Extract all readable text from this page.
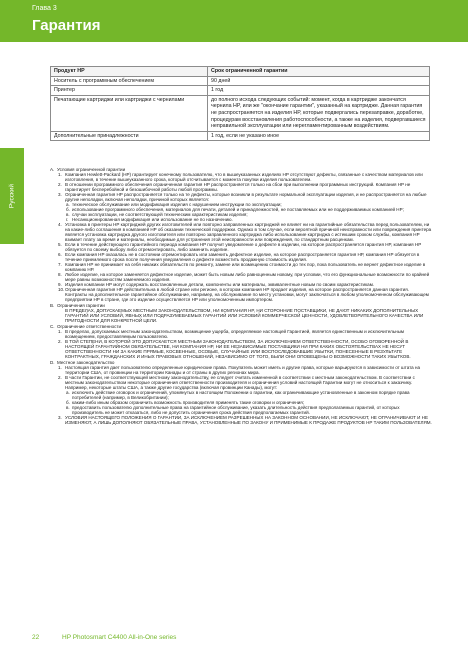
Глава 3
Гарантия
Русский
Продукт HP	Срок ограниченной гарантии
Носитель с программным обеспечением	90 дней
Принтер	1 год
Печатающие картриджи или картриджи с чернилами	до полного исхода следующих событий: момент, когда в картридже закончатся чернила HP, или же "окончание гарантии", указанный на картридже. Данная гарантия не распространяется на изделия HP, которые подвергались перезаправке, доработке, процедурам восстановления работоспособности, а также на изделия, подвергавшиеся неправильной эксплуатации или нерегламентированным воздействиям.
Дополнительные принадлежности	1 год, если не указано иное
A. Условия ограниченной гарантии
1. Компания Hewlett-Packard (HP) гарантирует конечному пользователю, что в вышеуказанных изделиях HP отсутствуют дефекты, связанные с качеством материалов или изготовления, в течение вышеуказанного срока, который отсчитывается с момента покупки изделия пользователем.
2. В отношении программного обеспечения ограниченная гарантия HP распространяется только на сбои при выполнении программных инструкций. Компания HP не гарантирует бесперебойной и безошибочной работы любой программы.
3. Ограниченная гарантия HP распространяется только на те дефекты, которые возникли в результате нормальной эксплуатации изделия, и не распространяется на любые другие неполадки, включая неполадки, причиной которых является:
а. техническое обслуживание или модификация изделия с нарушением инструкции по эксплуатации;
б. использование программного обеспечения, материалов для печати, деталей и принадлежностей, не поставляемых или не поддерживаемых компанией HP;
в. случаи эксплуатации, не соответствующей техническим характеристикам изделия;
г. Несанкционированная модификация или использование не по назначению.
4. Установка в принтеры HP картриджей других изготовителей или повторно заправленных картриджей не влияет ни на гарантийные обязательства перед пользователем, ни на какие-либо соглашения в компанией HP об оказании технической поддержки. Однако в том случае, если вероятной причиной неисправности или повреждения принтера является установка картриджа другого изготовителя или повторно заправленного картриджа либо использование картриджа с истекшим сроком службы, компания HP взимает плату за время и материалы, необходимые для устранения этой неисправности или повреждения, по стандартным расценкам.
5. Если в течение действующего гарантийного периода компания HP получит уведомление о дефекте в изделии, на которое распространяется гарантия HP, компания HP обязуется по своему выбору либо отремонтировать, либо заменить изделие.
6. Если компания HP оказалась не в состоянии отремонтировать или заменить дефектное изделие, на которое распространяется гарантия HP, компания HP обязуется в течение приемлемого срока после получения уведомления о дефекте возместить продажную стоимость изделия.
7. Компания HP не принимает на себя никаких обязательств по ремонту, замене или возмещению стоимости до тех пор, пока пользователь не вернет дефектное изделие в компанию HP.
8. Любое изделие, на которое заменяется дефектное изделие, может быть новым либо равноценным новому, при условии, что его функциональные возможности по крайней мере равны возможностям заменяемого изделия.
9. Изделия компании HP могут содержать восстановленные детали, компоненты или материалы, эквивалентные новым по своим характеристикам.
10. Ограниченная гарантия HP действительна в любой стране или регионе, в котором компания HP продает изделия, на которое распространяется данная гарантия. Контракты на дополнительное гарантийное обслуживание, например, на обслуживание по месту установки, могут заключаться в любом уполномоченном обслуживающем предприятии HP в стране, где это изделие осуществляется HP или уполномоченным импортером.
B. Ограничения гарантии
В ПРЕДЕЛАХ, ДОПУСКАЕМЫХ МЕСТНЫМ ЗАКОНОДАТЕЛЬСТВОМ, НИ КОМПАНИЯ HP, НИ СТОРОННИЕ ПОСТАВЩИКИ, НЕ ДАЮТ НИКАКИХ ДОПОЛНИТЕЛЬНЫХ ГАРАНТИЙ ИЛИ УСЛОВИЙ, ЯВНЫХ ИЛИ ПОДРАЗУМЕВАЕМЫХ ГАРАНТИЙ ИЛИ УСЛОВИЙ КОММЕРЧЕСКОЙ ЦЕННОСТИ, УДОВЛЕТВОРИТЕЛЬНОГО КАЧЕСТВА ИЛИ ПРИГОДНОСТИ ДЛЯ КОНКРЕТНОЙ ЦЕЛИ.
C. Ограничение ответственности
1. В пределах, допускаемых местным законодательством, возмещение ущерба, определяемое настоящей Гарантией, является единственным и исключительным возмещением, предоставляемым пользователю.
2. В ТОЙ СТЕПЕНИ, В КОТОРОЙ ЭТО ДОПУСКАЕТСЯ МЕСТНЫМ ЗАКОНОДАТЕЛЬСТВОМ, ЗА ИСКЛЮЧЕНИЕМ ОТВЕТСТВЕННОСТИ, ОСОБО ОГОВОРЕННОЙ В НАСТОЯЩЕЙ ГАРАНТИЙНОМ ОБЯЗАТЕЛЬСТВЕ, НИ КОМПАНИЯ HP, НИ ЕЕ НЕЗАВИСИМЫЕ ПОСТАВЩИКИ НИ ПРИ КАКИХ ОБСТОЯТЕЛЬСТВАХ НЕ НЕСУТ ОТВЕТСТВЕННОСТИ НИ ЗА КАКИЕ ПРЯМЫЕ, КОСВЕННЫЕ, ОСОБЫЕ, СЛУЧАЙНЫЕ ИЛИ ВОСПОСЛЕДОВАВШИЕ УБЫТКИ, ПОНЕСЕННЫЕ В РЕЗУЛЬТАТЕ КОНТРАКТНЫХ, ГРАЖДАНСКИХ И ИНЫХ ПРАВОВЫХ ОТНОШЕНИЙ, НЕЗАВИСИМО ОТ ТОГО, БЫЛИ ОНИ ОПОВЕЩЕНЫ О ВОЗМОЖНОСТИ ТАКИХ УБЫТКОВ.
D. Местное законодательство
1. Настоящая гарантия дает пользователю определенные юридические права. Покупатель может иметь и другие права, которые варьируются в зависимости от штата на территории США, от провинции на территории Канады и от страны в других регионах мира.
2. В части Гарантии, не соответствующей местному законодательству, ее следует считать измененной в соответствии с местным законодательством. В соответствии с местным законодательством некоторые ограничения ответственности производителя и ограничения условий настоящей Гарантии могут не относиться к заказчику. Например, некоторые штаты США, а также другие государства (включая провинции Канады), могут:
а. исключить действие оговорок и ограничений, упомянутых в настоящем Положении о гарантии, как ограничивающие установленные в законном порядке права потребителей (например, в Великобритании);
б. каким-либо иным образом ограничить возможность производителя применять такие оговорки и ограничения;
в. предоставить пользователю дополнительные права на гарантийное обслуживание, указать длительность действия предполагаемых гарантий, от которых производитель не может отказаться, либо не допустить ограничения срока действия предполагаемых гарантий.
3. УСЛОВИЯ НАСТОЯЩЕГО ПОЛОЖЕНИЯ О ГАРАНТИИ, ЗА ИСКЛЮЧЕНИЕМ РАЗРЕШЕННЫХ НА ЗАКОННОМ ОСНОВАНИИ, НЕ ИСКЛЮЧАЮТ, НЕ ОГРАНИЧИВАЮТ И НЕ ИЗМЕНЯЮТ, А ЛИШЬ ДОПОЛНЯЮТ ОБЯЗАТЕЛЬНЫЕ ПРАВА, УСТАНОВЛЕННЫЕ ПО ЗАКОНУ И ПРИМЕНИМЫЕ К ПРОДАЖЕ ПРОДУКТОВ HP ТАКИМ ПОЛЬЗОВАТЕЛЯМ.
22	HP Photosmart C4400 All-in-One series
